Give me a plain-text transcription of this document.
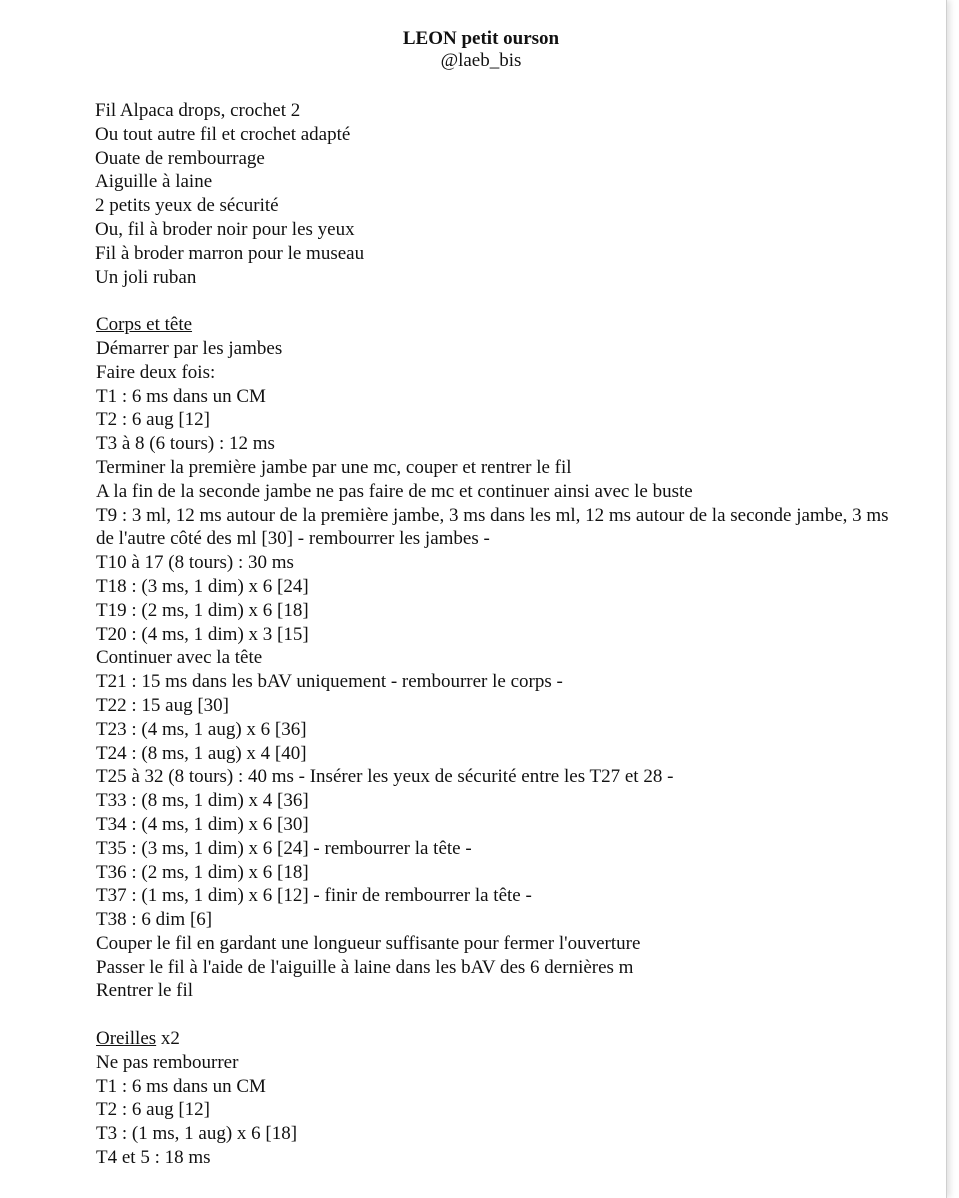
LEON petit ourson
@laeb_bis
Fil Alpaca drops, crochet 2
Ou tout autre fil et crochet adapté
Ouate de rembourrage
Aiguille à laine
2 petits yeux de sécurité
Ou, fil à broder noir pour les yeux
Fil à broder marron pour le museau
Un joli ruban
Corps et tête
Démarrer par les jambes
Faire deux fois:
T1 : 6 ms dans un CM
T2 : 6 aug [12]
T3 à 8 (6 tours) : 12 ms
Terminer la première jambe par une mc, couper et rentrer le fil
A la fin de la seconde jambe ne pas faire de mc et continuer ainsi avec le buste
T9 : 3 ml, 12 ms autour de la première jambe, 3 ms dans les ml, 12 ms autour de la seconde jambe, 3 ms de l'autre côté des ml [30] - rembourrer les jambes -
T10 à 17 (8 tours) : 30 ms
T18 : (3 ms, 1 dim) x 6 [24]
T19 : (2 ms, 1 dim) x 6 [18]
T20 : (4 ms, 1 dim) x 3 [15]
Continuer avec la tête
T21 : 15 ms dans les bAV uniquement - rembourrer le corps -
T22 : 15 aug [30]
T23 : (4 ms, 1 aug) x 6 [36]
T24 : (8 ms, 1 aug) x 4 [40]
T25 à 32 (8 tours) : 40 ms - Insérer les yeux de sécurité entre les T27 et 28 -
T33 : (8 ms, 1 dim) x 4 [36]
T34 : (4 ms, 1 dim) x 6 [30]
T35 : (3 ms, 1 dim) x 6 [24] - rembourrer la tête -
T36 : (2 ms, 1 dim) x 6 [18]
T37 : (1 ms, 1 dim) x 6 [12] - finir de rembourrer la tête -
T38 : 6 dim [6]
Couper le fil en gardant une longueur suffisante pour fermer l'ouverture
Passer le fil à l'aide de l'aiguille à laine dans les bAV des 6 dernières m
Rentrer le fil
Oreilles x2
Ne pas rembourrer
T1 : 6 ms dans un CM
T2 : 6 aug [12]
T3 : (1 ms, 1 aug) x 6 [18]
T4 et 5 : 18 ms
